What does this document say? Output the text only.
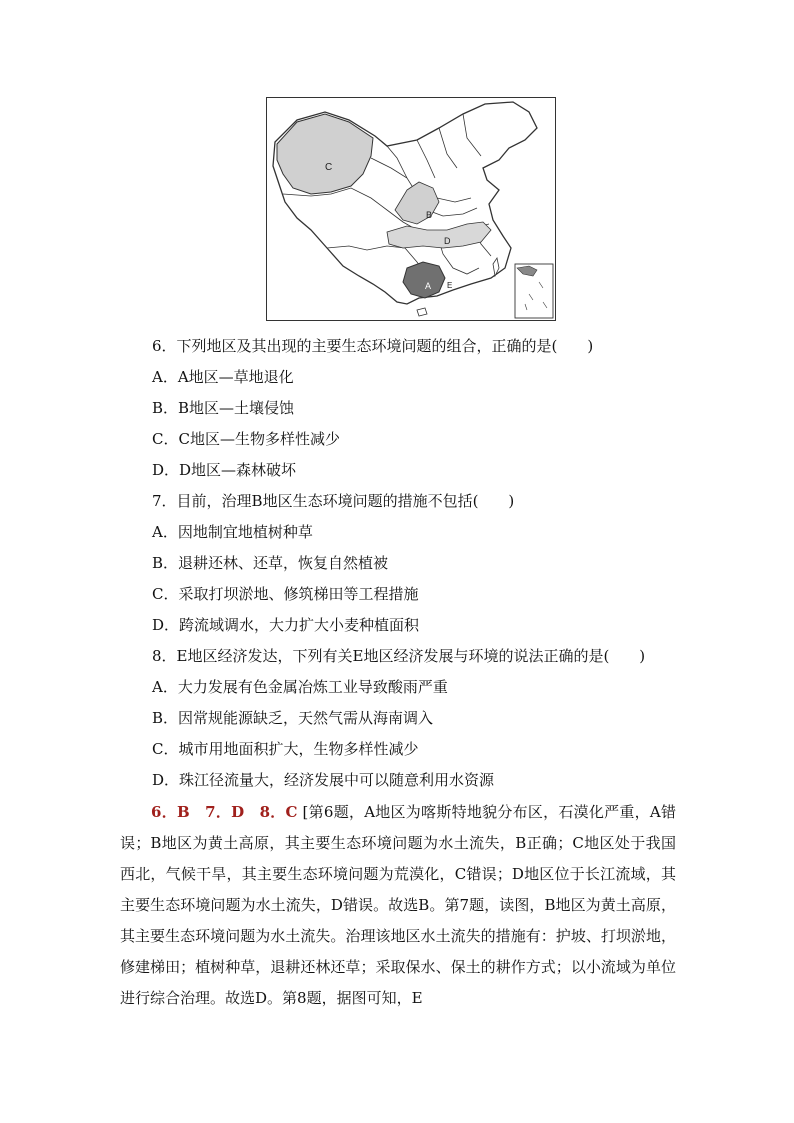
C
B
D
A E
6．下列地区及其出现的主要生态环境问题的组合，正确的是(　　)
A．A地区—草地退化
B．B地区—土壤侵蚀
C．C地区—生物多样性减少
D．D地区—森林破坏
7．目前，治理B地区生态环境问题的措施不包括(　　)
A．因地制宜地植树种草
B．退耕还林、还草，恢复自然植被
C．采取打坝淤地、修筑梯田等工程措施
D．跨流域调水，大力扩大小麦种植面积
8．E地区经济发达，下列有关E地区经济发展与环境的说法正确的是(　　)
A．大力发展有色金属冶炼工业导致酸雨严重
B．因常规能源缺乏，天然气需从海南调入
C．城市用地面积扩大，生物多样性减少
D．珠江径流量大，经济发展中可以随意利用水资源
6．B　7．D　8．C [第6题，A地区为喀斯特地貌分布区，石漠化严重，A错误；B地区为黄土高原，其主要生态环境问题为水土流失，B正确；C地区处于我国西北，气候干旱，其主要生态环境问题为荒漠化，C错误；D地区位于长江流域，其主要生态环境问题为水土流失，D错误。故选B。第7题，读图，B地区为黄土高原，其主要生态环境问题为水土流失。治理该地区水土流失的措施有：护坡、打坝淤地，修建梯田；植树种草，退耕还林还草；采取保水、保土的耕作方式；以小流域为单位进行综合治理。故选D。第8题，据图可知，E
